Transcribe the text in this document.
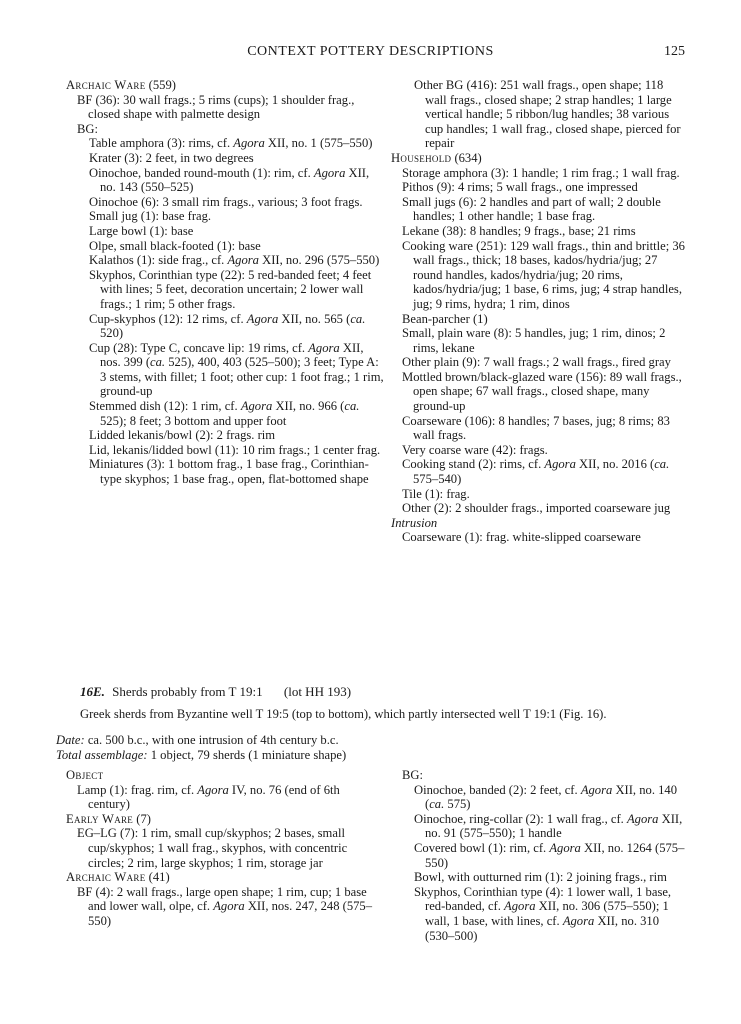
CONTEXT POTTERY DESCRIPTIONS	125
Archaic Ware (559)
BF (36): 30 wall frags.; 5 rims (cups); 1 shoulder frag., closed shape with palmette design
BG:
Table amphora (3): rims, cf. Agora XII, no. 1 (575–550)
Krater (3): 2 feet, in two degrees
Oinochoe, banded round-mouth (1): rim, cf. Agora XII, no. 143 (550–525)
Oinochoe (6): 3 small rim frags., various; 3 foot frags.
Small jug (1): base frag.
Large bowl (1): base
Olpe, small black-footed (1): base
Kalathos (1): side frag., cf. Agora XII, no. 296 (575–550)
Skyphos, Corinthian type (22): 5 red-banded feet; 4 feet with lines; 5 feet, decoration uncertain; 2 lower wall frags.; 1 rim; 5 other frags.
Cup-skyphos (12): 12 rims, cf. Agora XII, no. 565 (ca. 520)
Cup (28): Type C, concave lip: 19 rims, cf. Agora XII, nos. 399 (ca. 525), 400, 403 (525–500); 3 feet; Type A: 3 stems, with fillet; 1 foot; other cup: 1 foot frag.; 1 rim, ground-up
Stemmed dish (12): 1 rim, cf. Agora XII, no. 966 (ca. 525); 8 feet; 3 bottom and upper foot
Lidded lekanis/bowl (2): 2 frags. rim
Lid, lekanis/lidded bowl (11): 10 rim frags.; 1 center frag.
Miniatures (3): 1 bottom frag., 1 base frag., Corinthian-type skyphos; 1 base frag., open, flat-bottomed shape
Other BG (416): 251 wall frags., open shape; 118 wall frags., closed shape; 2 strap handles; 1 large vertical handle; 5 ribbon/lug handles; 38 various cup handles; 1 wall frag., closed shape, pierced for repair
Household (634)
Storage amphora (3): 1 handle; 1 rim frag.; 1 wall frag.
Pithos (9): 4 rims; 5 wall frags., one impressed
Small jugs (6): 2 handles and part of wall; 2 double handles; 1 other handle; 1 base frag.
Lekane (38): 8 handles; 9 frags., base; 21 rims
Cooking ware (251): 129 wall frags., thin and brittle; 36 wall frags., thick; 18 bases, kados/hydria/jug; 27 round handles, kados/hydria/jug; 20 rims, kados/hydria/jug; 1 base, 6 rims, jug; 4 strap handles, jug; 9 rims, hydra; 1 rim, dinos
Bean-parcher (1)
Small, plain ware (8): 5 handles, jug; 1 rim, dinos; 2 rims, lekane
Other plain (9): 7 wall frags.; 2 wall frags., fired gray
Mottled brown/black-glazed ware (156): 89 wall frags., open shape; 67 wall frags., closed shape, many ground-up
Coarseware (106): 8 handles; 7 bases, jug; 8 rims; 83 wall frags.
Very coarse ware (42): frags.
Cooking stand (2): rims, cf. Agora XII, no. 2016 (ca. 575–540)
Tile (1): frag.
Other (2): 2 shoulder frags., imported coarseware jug
Intrusion
Coarseware (1): frag. white-slipped coarseware
16E. Sherds probably from T 19:1 (lot HH 193)
Greek sherds from Byzantine well T 19:5 (top to bottom), which partly intersected well T 19:1 (Fig. 16).
Date: ca. 500 b.c., with one intrusion of 4th century b.c.
Total assemblage: 1 object, 79 sherds (1 miniature shape)
Object
Lamp (1): frag. rim, cf. Agora IV, no. 76 (end of 6th century)
Early Ware (7)
EG–LG (7): 1 rim, small cup/skyphos; 2 bases, small cup/skyphos; 1 wall frag., skyphos, with concentric circles; 2 rim, large skyphos; 1 rim, storage jar
Archaic Ware (41)
BF (4): 2 wall frags., large open shape; 1 rim, cup; 1 base and lower wall, olpe, cf. Agora XII, nos. 247, 248 (575–550)
BG:
Oinochoe, banded (2): 2 feet, cf. Agora XII, no. 140 (ca. 575)
Oinochoe, ring-collar (2): 1 wall frag., cf. Agora XII, no. 91 (575–550); 1 handle
Covered bowl (1): rim, cf. Agora XII, no. 1264 (575–550)
Bowl, with outturned rim (1): 2 joining frags., rim
Skyphos, Corinthian type (4): 1 lower wall, 1 base, red-banded, cf. Agora XII, no. 306 (575–550); 1 wall, 1 base, with lines, cf. Agora XII, no. 310 (530–500)
